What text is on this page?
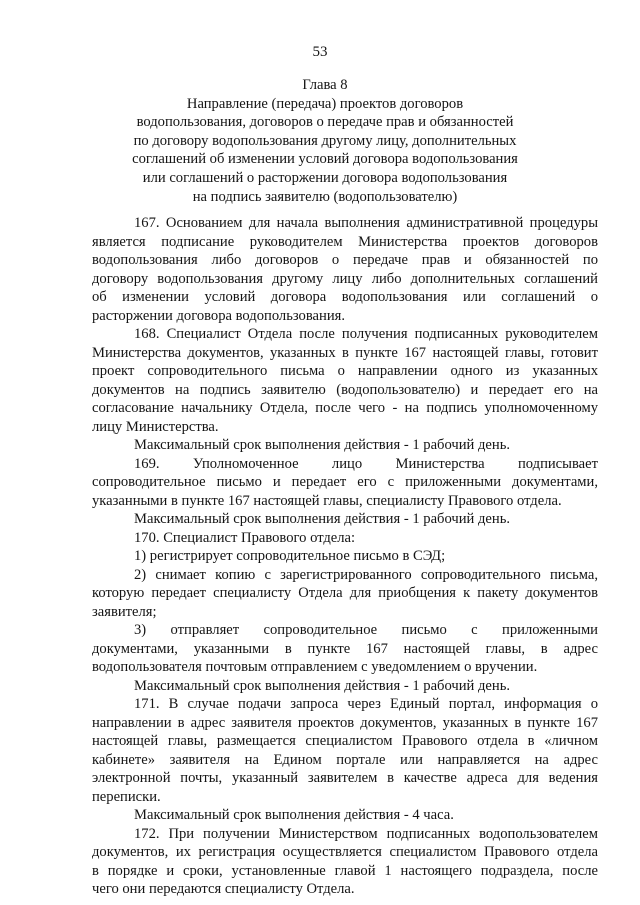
53
Глава 8
Направление (передача) проектов договоров
водопользования, договоров о передаче прав и обязанностей
по договору водопользования другому лицу, дополнительных
соглашений об изменении условий договора водопользования
или соглашений о расторжении договора водопользования
на подпись заявителю (водопользователю)
167. Основанием для начала выполнения административной процедуры
является подписание руководителем Министерства проектов договоров
водопользования либо договоров о передаче прав и обязанностей по
договору водопользования другому лицу либо дополнительных соглашений
об изменении условий договора водопользования или соглашений о
расторжении договора водопользования.
168. Специалист Отдела после получения подписанных руководителем
Министерства документов, указанных в пункте 167 настоящей главы, готовит
проект сопроводительного письма о направлении одного из указанных
документов на подпись заявителю (водопользователю) и передает его на
согласование начальнику Отдела, после чего - на подпись уполномоченному
лицу Министерства.
Максимальный срок выполнения действия - 1 рабочий день.
169. Уполномоченное лицо Министерства подписывает
сопроводительное письмо и передает его с приложенными документами,
указанными в пункте 167 настоящей главы, специалисту Правового отдела.
Максимальный срок выполнения действия - 1 рабочий день.
170. Специалист Правового отдела:
1) регистрирует сопроводительное письмо в СЭД;
2) снимает копию с зарегистрированного сопроводительного письма,
которую передает специалисту Отдела для приобщения к пакету документов
заявителя;
3) отправляет сопроводительное письмо с приложенными
документами, указанными в пункте 167 настоящей главы, в адрес
водопользователя почтовым отправлением с уведомлением о вручении.
Максимальный срок выполнения действия - 1 рабочий день.
171. В случае подачи запроса через Единый портал, информация о
направлении в адрес заявителя проектов документов, указанных в пункте 167
настоящей главы, размещается специалистом Правового отдела в «личном
кабинете» заявителя на Едином портале или направляется на адрес
электронной почты, указанный заявителем в качестве адреса для ведения
переписки.
Максимальный срок выполнения действия - 4 часа.
172. При получении Министерством подписанных водопользователем
документов, их регистрация осуществляется специалистом Правового отдела
в порядке и сроки, установленные главой 1 настоящего подраздела, после
чего они передаются специалисту Отдела.
